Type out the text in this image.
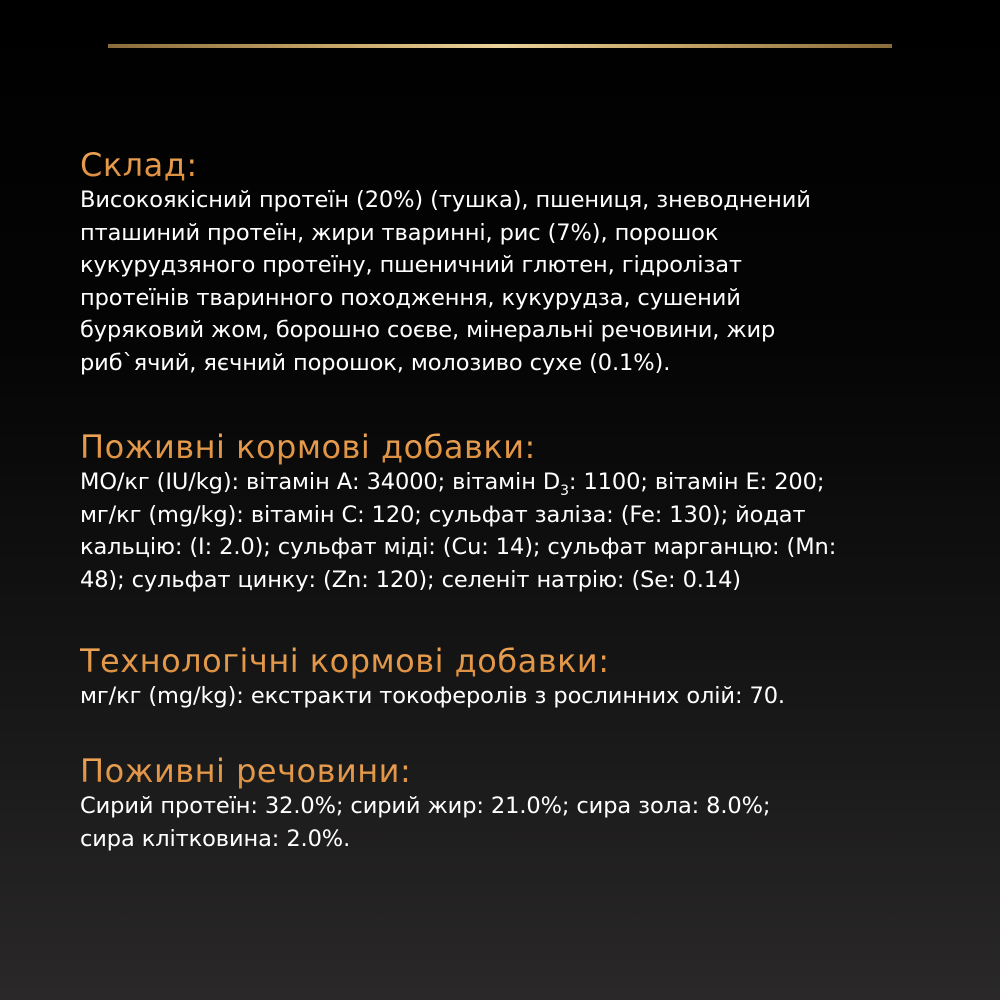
Склад:

Високоякісний протеїн (20%) (тушка), пшениця, зневоднений
пташиний протеїн, жири тваринні, рис (7%), порошок
кукурудзяного протеїну, пшеничний глютен, гідролізат
протеїнів тваринного походження, кукурудза, сушений
буряковий жом, борошно соєве, мінеральні речовини, жир
риб`ячий, яєчний порошок, молозиво сухе (0.1%).

Поживні кормові добавки:

МО/кг (IU/kg): вітамін А: 34000; вітамін $D_3$: 1100; вітамін Е: 200;
мг/кг (mg/kg): вітамін С: 120; сульфат заліза: (Fe: 130); йодат
кальцію: (I: 2.0); сульфат міді: (Cu: 14); сульфат марганцю: (Mn:
48); сульфат цинку: (Zn: 120); селеніт натрію: (Se: 0.14)

Технологічні кормові добавки:

мг/кг (mg/kg): екстракти токоферолів з рослинних олій: 70.

Поживні речовини:

Сирий протеїн: 32.0%; сирий жир: 21.0%; сира зола: 8.0%;
сира клітковина: 2.0%.
